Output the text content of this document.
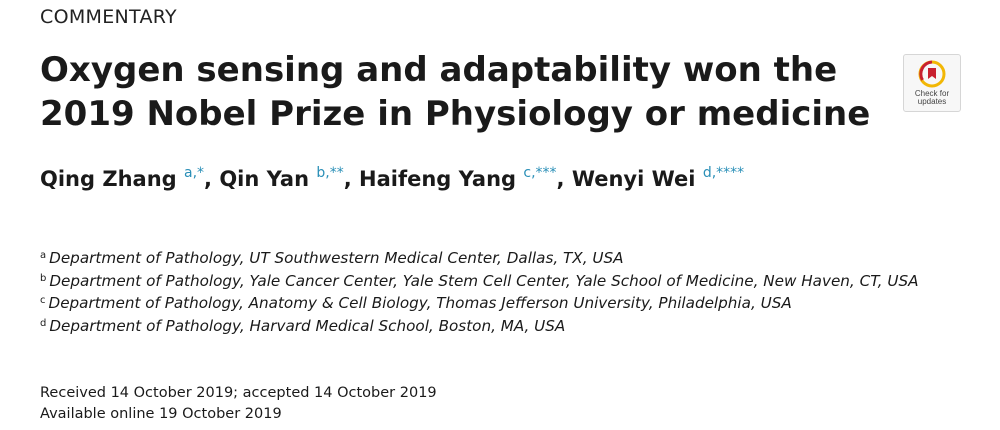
COMMENTARY
Oxygen sensing and adaptability won the
2019 Nobel Prize in Physiology or medicine
Check for
updates
Qing Zhang $^{a,*}$, Qin Yan $^{b,**}$, Haifeng Yang $^{c,***}$, Wenyi Wei $^{d,****}$
$^a$ Department of Pathology, UT Southwestern Medical Center, Dallas, TX, USA
$^b$ Department of Pathology, Yale Cancer Center, Yale Stem Cell Center, Yale School of Medicine, New Haven, CT, USA
$^c$ Department of Pathology, Anatomy & Cell Biology, Thomas Jefferson University, Philadelphia, USA
$^d$ Department of Pathology, Harvard Medical School, Boston, MA, USA
Received 14 October 2019; accepted 14 October 2019
Available online 19 October 2019
